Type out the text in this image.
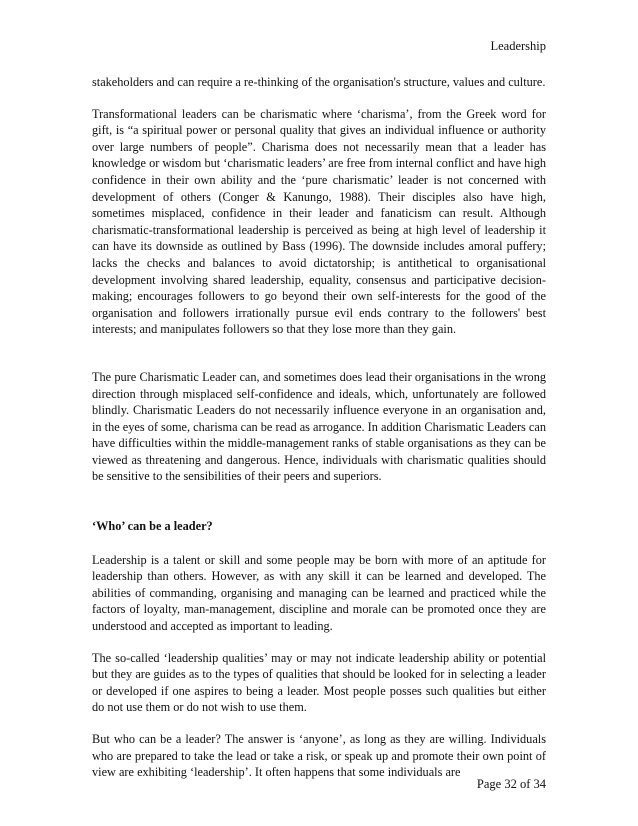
Leadership

stakeholders and can require a re-thinking of the organisation's structure, values and culture.

Transformational leaders can be charismatic where ‘charisma’, from the Greek word for gift, is “a spiritual power or personal quality that gives an individual influence or authority over large numbers of people”. Charisma does not necessarily mean that a leader has knowledge or wisdom but ‘charismatic leaders’ are free from internal conflict and have high confidence in their own ability and the ‘pure charismatic’ leader is not concerned with development of others (Conger & Kanungo, 1988). Their disciples also have high, sometimes misplaced, confidence in their leader and fanaticism can result. Although charismatic-transformational leadership is perceived as being at high level of leadership it can have its downside as outlined by Bass (1996). The downside includes amoral puffery; lacks the checks and balances to avoid dictatorship; is antithetical to organisational development involving shared leadership, equality, consensus and participative decision-making; encourages followers to go beyond their own self-interests for the good of the organisation and followers irrationally pursue evil ends contrary to the followers' best interests; and manipulates followers so that they lose more than they gain.

The pure Charismatic Leader can, and sometimes does lead their organisations in the wrong direction through misplaced self-confidence and ideals, which, unfortunately are followed blindly. Charismatic Leaders do not necessarily influence everyone in an organisation and, in the eyes of some, charisma can be read as arrogance. In addition Charismatic Leaders can have difficulties within the middle-management ranks of stable organisations as they can be viewed as threatening and dangerous. Hence, individuals with charismatic qualities should be sensitive to the sensibilities of their peers and superiors.

‘Who’ can be a leader?

Leadership is a talent or skill and some people may be born with more of an aptitude for leadership than others. However, as with any skill it can be learned and developed. The abilities of commanding, organising and managing can be learned and practiced while the factors of loyalty, man-management, discipline and morale can be promoted once they are understood and accepted as important to leading.

The so-called ‘leadership qualities’ may or may not indicate leadership ability or potential but they are guides as to the types of qualities that should be looked for in selecting a leader or developed if one aspires to being a leader. Most people posses such qualities but either do not use them or do not wish to use them.

But who can be a leader? The answer is ‘anyone’, as long as they are willing. Individuals who are prepared to take the lead or take a risk, or speak up and promote their own point of view are exhibiting ‘leadership’. It often happens that some individuals are

Page 32 of 34
